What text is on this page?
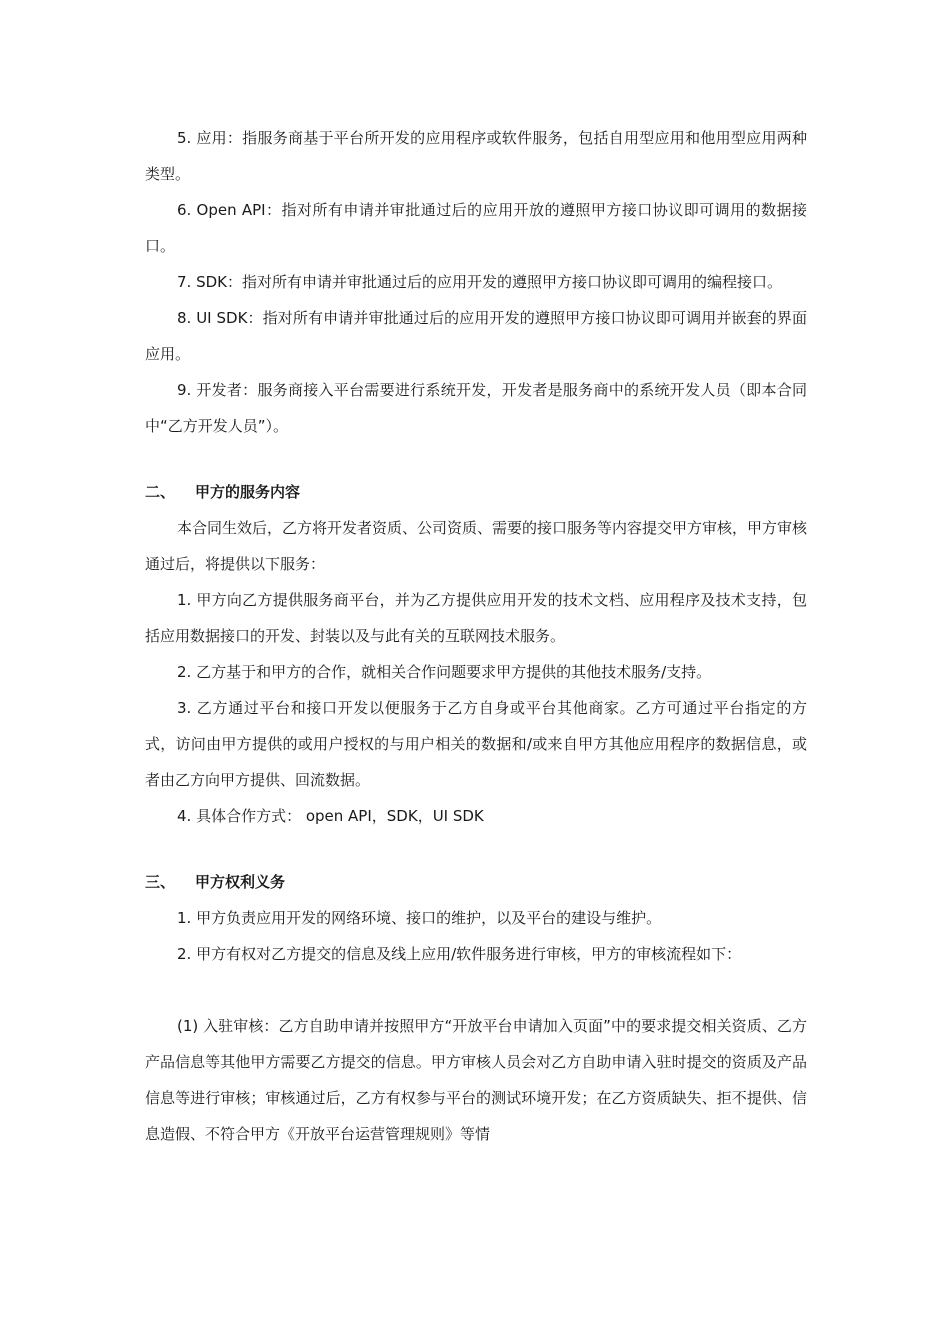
5. 应用：指服务商基于平台所开发的应用程序或软件服务，包括自用型应用和他用型应用两种类型。

6. Open API：指对所有申请并审批通过后的应用开放的遵照甲方接口协议即可调用的数据接口。

7. SDK：指对所有申请并审批通过后的应用开发的遵照甲方接口协议即可调用的编程接口。

8. UI SDK：指对所有申请并审批通过后的应用开发的遵照甲方接口协议即可调用并嵌套的界面应用。

9. 开发者：服务商接入平台需要进行系统开发，开发者是服务商中的系统开发人员（即本合同中“乙方开发人员”）。

二、	甲方的服务内容

本合同生效后，乙方将开发者资质、公司资质、需要的接口服务等内容提交甲方审核，甲方审核通过后，将提供以下服务：

1. 甲方向乙方提供服务商平台，并为乙方提供应用开发的技术文档、应用程序及技术支持，包括应用数据接口的开发、封装以及与此有关的互联网技术服务。

2. 乙方基于和甲方的合作，就相关合作问题要求甲方提供的其他技术服务/支持。

3. 乙方通过平台和接口开发以便服务于乙方自身或平台其他商家。乙方可通过平台指定的方式，访问由甲方提供的或用户授权的与用户相关的数据和/或来自甲方其他应用程序的数据信息，或者由乙方向甲方提供、回流数据。

4. 具体合作方式： open API，SDK，UI SDK

三、	甲方权利义务

1. 甲方负责应用开发的网络环境、接口的维护，以及平台的建设与维护。

2. 甲方有权对乙方提交的信息及线上应用/软件服务进行审核，甲方的审核流程如下：

(1) 入驻审核：乙方自助申请并按照甲方“开放平台申请加入页面”中的要求提交相关资质、乙方产品信息等其他甲方需要乙方提交的信息。甲方审核人员会对乙方自助申请入驻时提交的资质及产品信息等进行审核；审核通过后，乙方有权参与平台的测试环境开发；在乙方资质缺失、拒不提供、信息造假、不符合甲方《开放平台运营管理规则》等情
